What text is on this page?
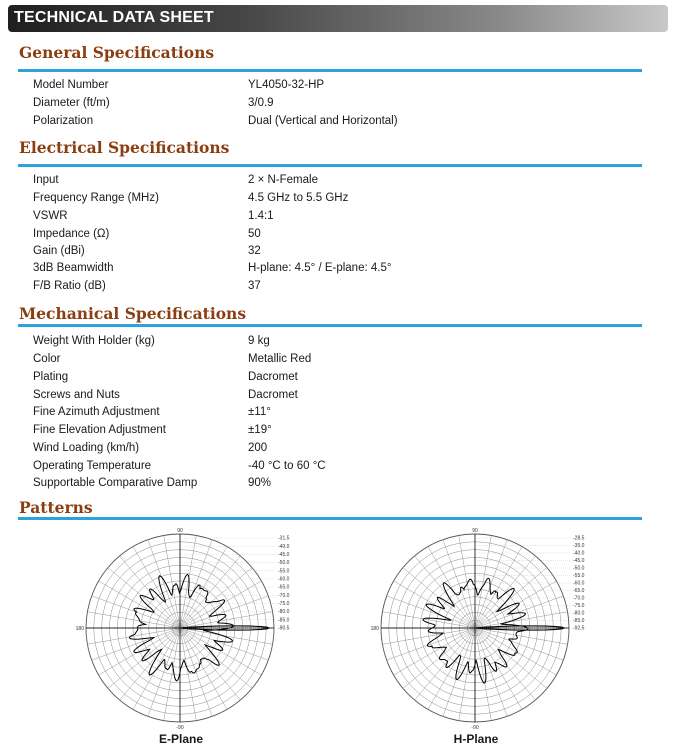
TECHNICAL DATA SHEET
General Specifications
Model Number	YL4050-32-HP
Diameter (ft/m)	3/0.9
Polarization	Dual (Vertical and Horizontal)
Electrical Specifications
Input	2 × N-Female
Frequency Range (MHz)	4.5 GHz to 5.5 GHz
VSWR	1.4:1
Impedance (Ω)	50
Gain (dBi)	32
3dB Beamwidth	H-plane: 4.5° / E-plane: 4.5°
F/B Ratio (dB)	37
Mechanical Specifications
Weight With Holder (kg)	9 kg
Color	Metallic Red
Plating	Dacromet
Screws and Nuts	Dacromet
Fine Azimuth Adjustment	±11°
Fine Elevation Adjustment	±19°
Wind Loading (km/h)	200
Operating Temperature	-40 °C to 60 °C
Supportable Comparative Damp	90%
Patterns
90
180
-90
-31.5
-40.0
-45.0
-50.0
-55.0
-60.0
-65.0
-70.0
-75.0
-80.0
-85.0
-90.5
90
180
-90
-28.5
-35.0
-40.0
-45.0
-50.0
-55.0
-60.0
-65.0
-70.0
-75.0
-80.0
-85.0
-92.5
E-Plane	H-Plane
